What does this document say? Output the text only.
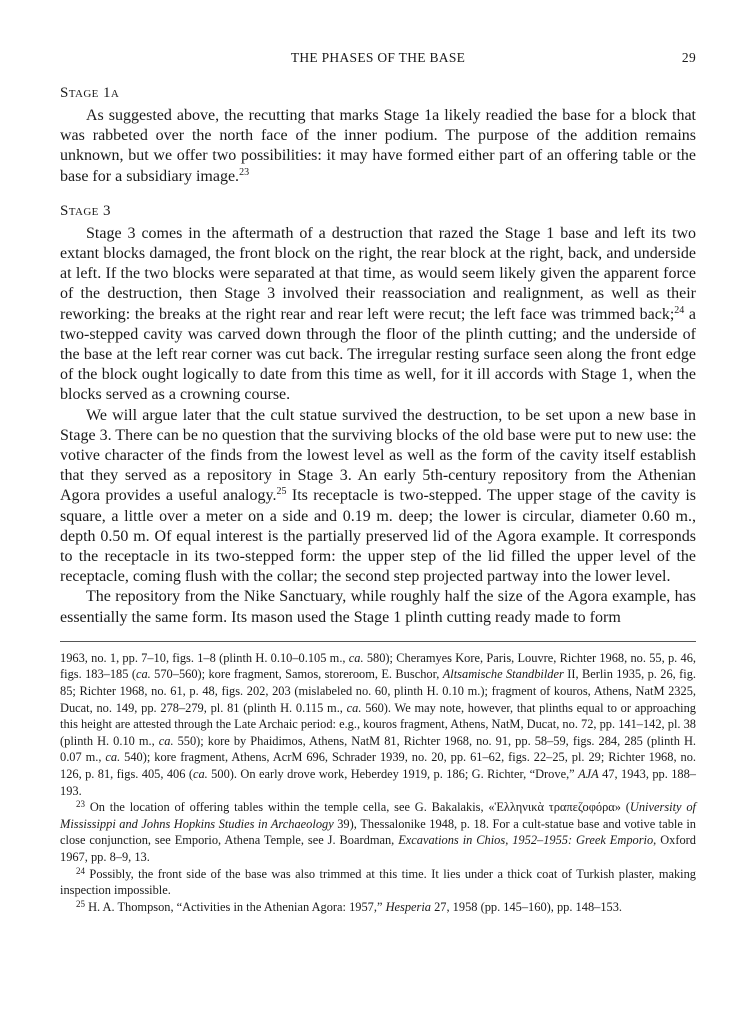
THE PHASES OF THE BASE	29
Stage 1a

As suggested above, the recutting that marks Stage 1a likely readied the base for a block that was rabbeted over the north face of the inner podium. The purpose of the addition remains unknown, but we offer two possibilities: it may have formed either part of an offering table or the base for a subsidiary image.$^{23}$

Stage 3

Stage 3 comes in the aftermath of a destruction that razed the Stage 1 base and left its two extant blocks damaged, the front block on the right, the rear block at the right, back, and underside at left. If the two blocks were separated at that time, as would seem likely given the apparent force of the destruction, then Stage 3 involved their reassociation and realignment, as well as their reworking: the breaks at the right rear and rear left were recut; the left face was trimmed back;$^{24}$ a two-stepped cavity was carved down through the floor of the plinth cutting; and the underside of the base at the left rear corner was cut back. The irregular resting surface seen along the front edge of the block ought logically to date from this time as well, for it ill accords with Stage 1, when the blocks served as a crowning course.

We will argue later that the cult statue survived the destruction, to be set upon a new base in Stage 3. There can be no question that the surviving blocks of the old base were put to new use: the votive character of the finds from the lowest level as well as the form of the cavity itself establish that they served as a repository in Stage 3. An early 5th-century repository from the Athenian Agora provides a useful analogy.$^{25}$ Its receptacle is two-stepped. The upper stage of the cavity is square, a little over a meter on a side and 0.19 m. deep; the lower is circular, diameter 0.60 m., depth 0.50 m. Of equal interest is the partially preserved lid of the Agora example. It corresponds to the receptacle in its two-stepped form: the upper step of the lid filled the upper level of the receptacle, coming flush with the collar; the second step projected partway into the lower level.

The repository from the Nike Sanctuary, while roughly half the size of the Agora example, has essentially the same form. Its mason used the Stage 1 plinth cutting ready made to form

1963, no. 1, pp. 7–10, figs. 1–8 (plinth H. 0.10–0.105 m., ca. 580); Cheramyes Kore, Paris, Louvre, Richter 1968, no. 55, p. 46, figs. 183–185 (ca. 570–560); kore fragment, Samos, storeroom, E. Buschor, Altsamische Standbilder II, Berlin 1935, p. 26, fig. 85; Richter 1968, no. 61, p. 48, figs. 202, 203 (mislabeled no. 60, plinth H. 0.10 m.); fragment of kouros, Athens, NatM 2325, Ducat, no. 149, pp. 278–279, pl. 81 (plinth H. 0.115 m., ca. 560). We may note, however, that plinths equal to or approaching this height are attested through the Late Archaic period: e.g., kouros fragment, Athens, NatM, Ducat, no. 72, pp. 141–142, pl. 38 (plinth H. 0.10 m., ca. 550); kore by Phaidimos, Athens, NatM 81, Richter 1968, no. 91, pp. 58–59, figs. 284, 285 (plinth H. 0.07 m., ca. 540); kore fragment, Athens, AcrM 696, Schrader 1939, no. 20, pp. 61–62, figs. 22–25, pl. 29; Richter 1968, no. 126, p. 81, figs. 405, 406 (ca. 500). On early drove work, Heberdey 1919, p. 186; G. Richter, “Drove,” AJA 47, 1943, pp. 188–193.

$^{23}$ On the location of offering tables within the temple cella, see G. Bakalakis, «Ἑλληνικὰ τραπεζοφόρα» (University of Mississippi and Johns Hopkins Studies in Archaeology 39), Thessalonike 1948, p. 18. For a cult-statue base and votive table in close conjunction, see Emporio, Athena Temple, see J. Boardman, Excavations in Chios, 1952–1955: Greek Emporio, Oxford 1967, pp. 8–9, 13.

$^{24}$ Possibly, the front side of the base was also trimmed at this time. It lies under a thick coat of Turkish plaster, making inspection impossible.

$^{25}$ H. A. Thompson, “Activities in the Athenian Agora: 1957,” Hesperia 27, 1958 (pp. 145–160), pp. 148–153.
